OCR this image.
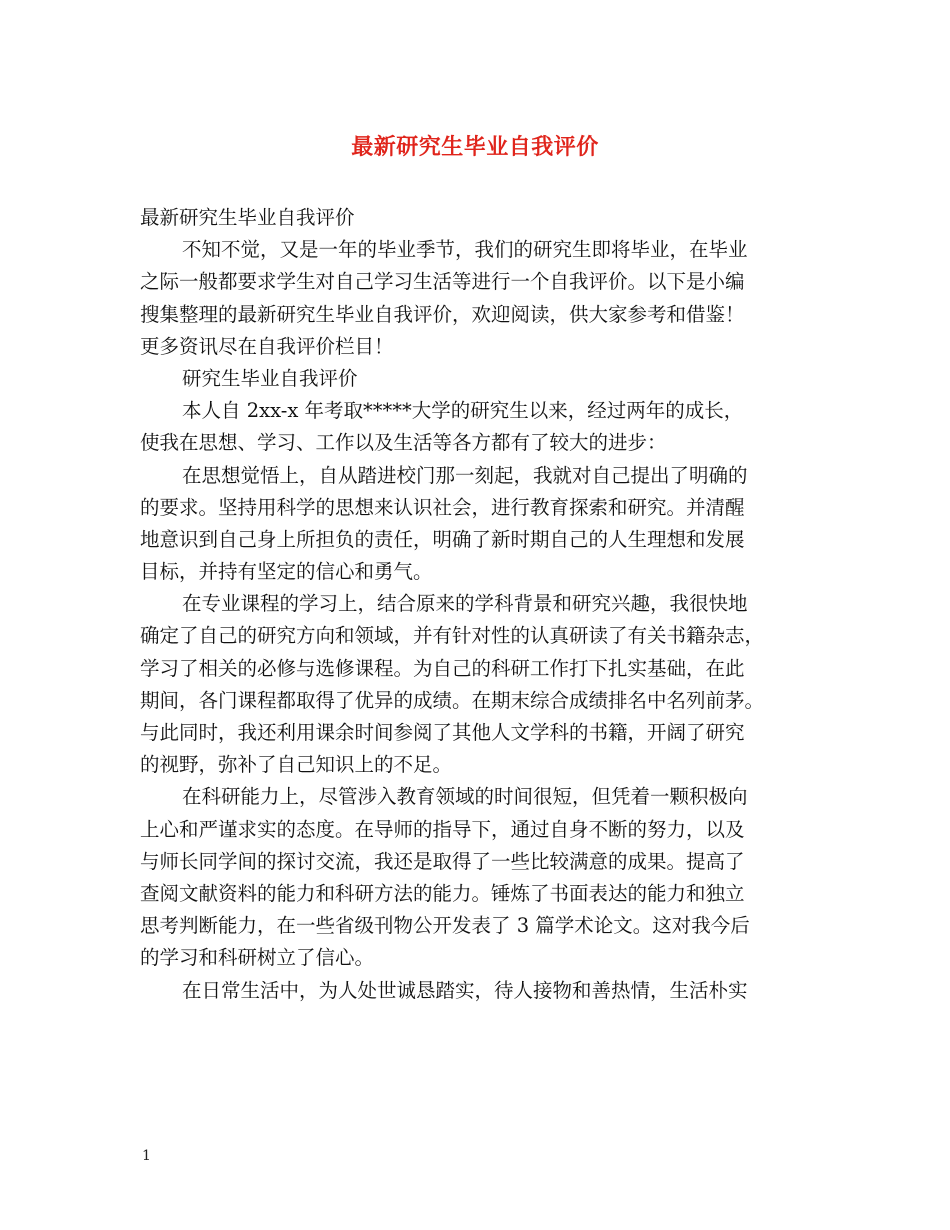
最新研究生毕业自我评价
最新研究生毕业自我评价
不知不觉，又是一年的毕业季节，我们的研究生即将毕业，在毕业
之际一般都要求学生对自己学习生活等进行一个自我评价。以下是小编
搜集整理的最新研究生毕业自我评价，欢迎阅读，供大家参考和借鉴！
更多资讯尽在自我评价栏目！
研究生毕业自我评价
本人自 2xx-x 年考取*****大学的研究生以来，经过两年的成长，
使我在思想、学习、工作以及生活等各方都有了较大的进步：
在思想觉悟上，自从踏进校门那一刻起，我就对自己提出了明确的
的要求。坚持用科学的思想来认识社会，进行教育探索和研究。并清醒
地意识到自己身上所担负的责任，明确了新时期自己的人生理想和发展
目标，并持有坚定的信心和勇气。
在专业课程的学习上，结合原来的学科背景和研究兴趣，我很快地
确定了自己的研究方向和领域，并有针对性的认真研读了有关书籍杂志，
学习了相关的必修与选修课程。为自己的科研工作打下扎实基础，在此
期间，各门课程都取得了优异的成绩。在期末综合成绩排名中名列前茅。
与此同时，我还利用课余时间参阅了其他人文学科的书籍，开阔了研究
的视野，弥补了自己知识上的不足。
在科研能力上，尽管涉入教育领域的时间很短，但凭着一颗积极向
上心和严谨求实的态度。在导师的指导下，通过自身不断的努力，以及
与师长同学间的探讨交流，我还是取得了一些比较满意的成果。提高了
查阅文献资料的能力和科研方法的能力。锤炼了书面表达的能力和独立
思考判断能力，在一些省级刊物公开发表了 3 篇学术论文。这对我今后
的学习和科研树立了信心。
在日常生活中，为人处世诚恳踏实，待人接物和善热情，生活朴实
1
